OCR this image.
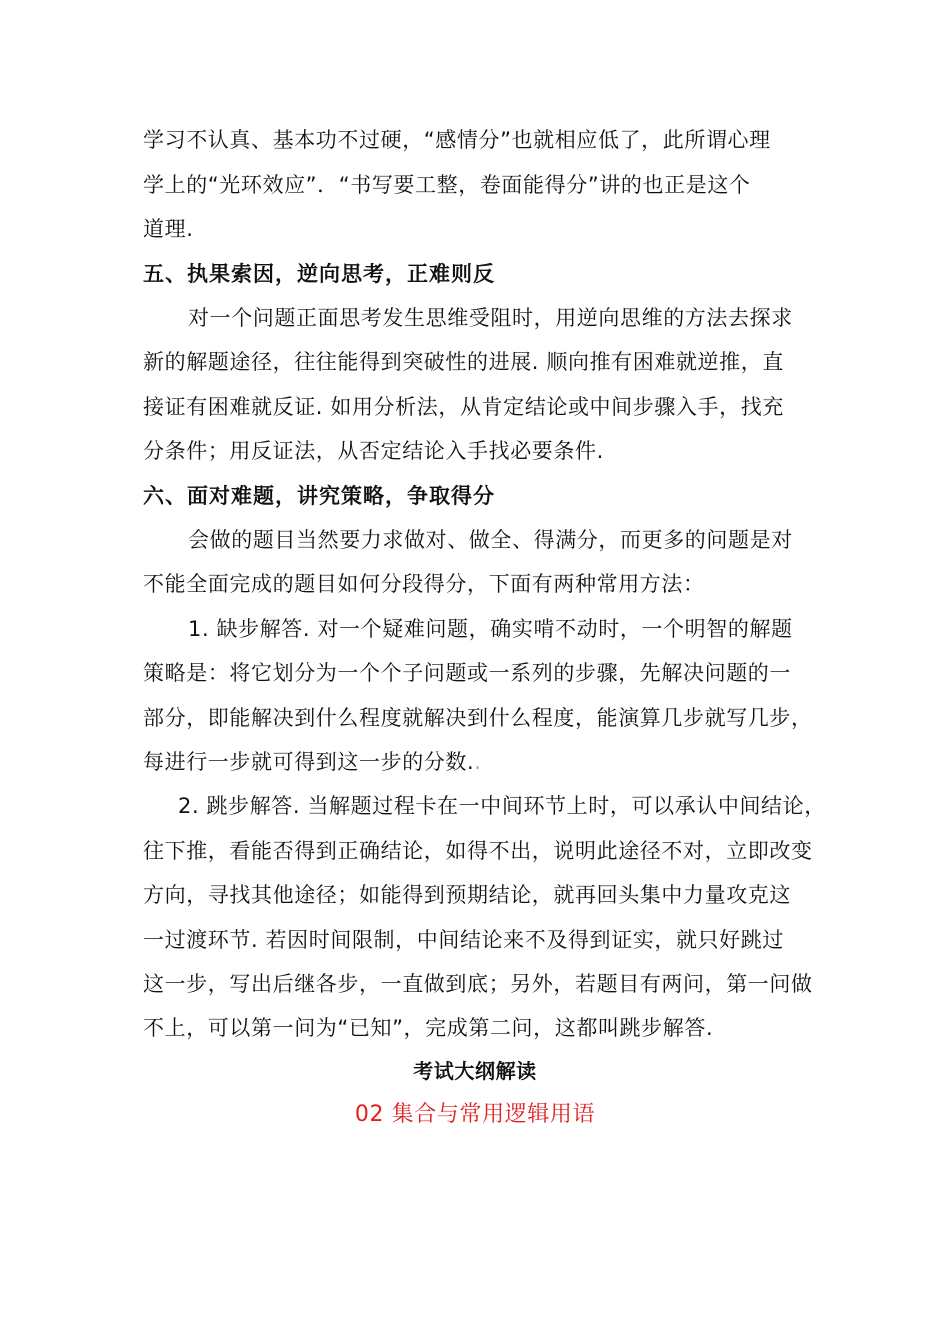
学习不认真、基本功不过硬，“感情分”也就相应低了，此所谓心理
学上的“光环效应”．“书写要工整，卷面能得分”讲的也正是这个
道理.
五、执果索因，逆向思考，正难则反
对一个问题正面思考发生思维受阻时，用逆向思维的方法去探求
新的解题途径，往往能得到突破性的进展. 顺向推有困难就逆推，直
接证有困难就反证. 如用分析法，从肯定结论或中间步骤入手，找充
分条件；用反证法，从否定结论入手找必要条件.
六、面对难题，讲究策略，争取得分
会做的题目当然要力求做对、做全、得满分，而更多的问题是对
不能全面完成的题目如何分段得分，下面有两种常用方法：
1. 缺步解答. 对一个疑难问题，确实啃不动时，一个明智的解题
策略是：将它划分为一个个子问题或一系列的步骤，先解决问题的一
部分，即能解决到什么程度就解决到什么程度，能演算几步就写几步，
每进行一步就可得到这一步的分数..
2. 跳步解答. 当解题过程卡在一中间环节上时，可以承认中间结论，
往下推，看能否得到正确结论，如得不出，说明此途径不对，立即改变
方向，寻找其他途径；如能得到预期结论，就再回头集中力量攻克这
一过渡环节. 若因时间限制，中间结论来不及得到证实，就只好跳过
这一步，写出后继各步，一直做到底；另外，若题目有两问，第一问做
不上，可以第一问为“已知”，完成第二问，这都叫跳步解答.
考试大纲解读
02 集合与常用逻辑用语
